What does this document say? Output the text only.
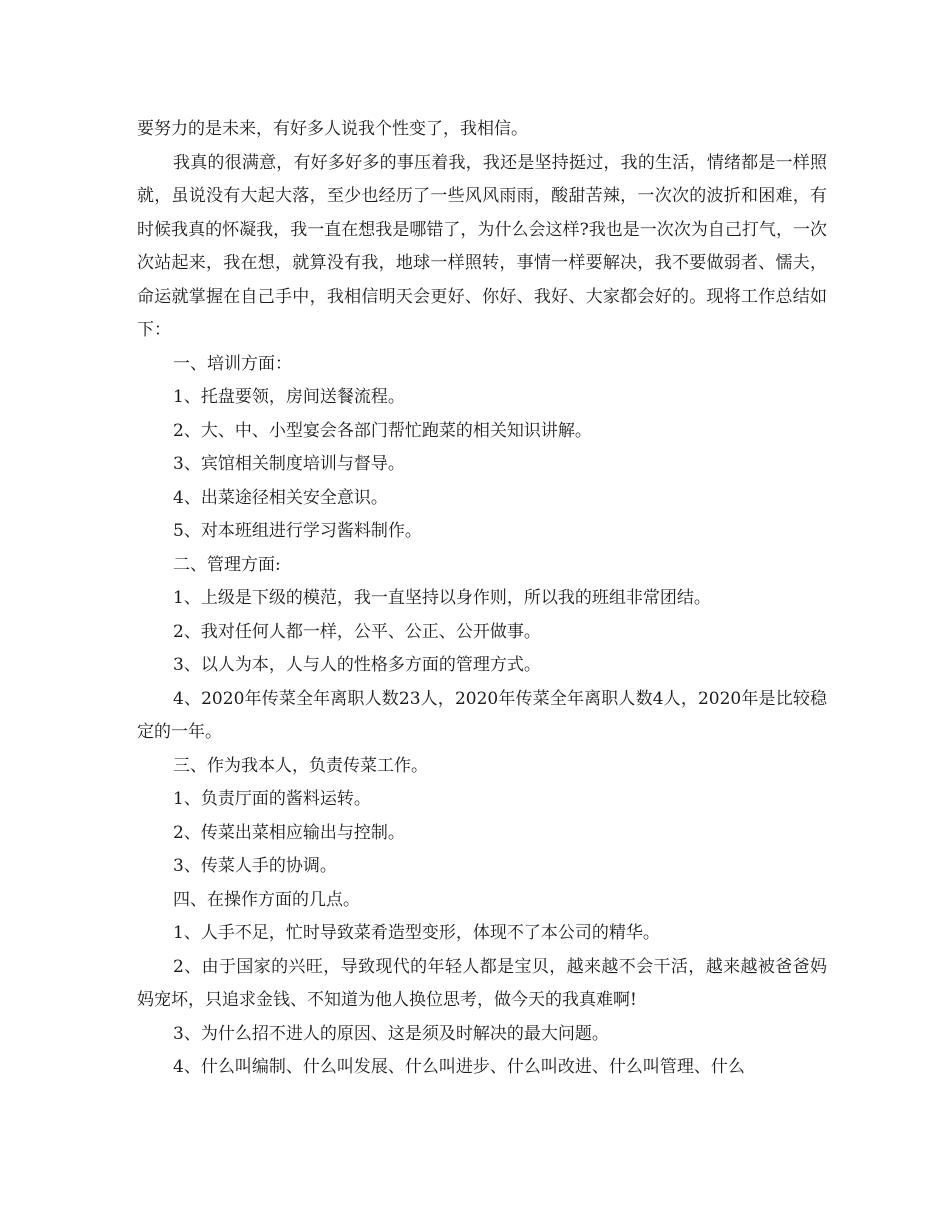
要努力的是未来，有好多人说我个性变了，我相信。

我真的很满意，有好多好多的事压着我，我还是坚持挺过，我的生活，情绪都是一样照就，虽说没有大起大落，至少也经历了一些风风雨雨，酸甜苦辣，一次次的波折和困难，有时候我真的怀凝我，我一直在想我是哪错了，为什么会这样?我也是一次次为自己打气，一次次站起来，我在想，就算没有我，地球一样照转，事情一样要解决，我不要做弱者、懦夫，命运就掌握在自己手中，我相信明天会更好、你好、我好、大家都会好的。现将工作总结如下：

一、培训方面：

1、托盘要领，房间送餐流程。

2、大、中、小型宴会各部门帮忙跑菜的相关知识讲解。

3、宾馆相关制度培训与督导。

4、出菜途径相关安全意识。

5、对本班组进行学习酱料制作。

二、管理方面:

1、上级是下级的模范，我一直坚持以身作则，所以我的班组非常团结。

2、我对任何人都一样，公平、公正、公开做事。

3、以人为本，人与人的性格多方面的管理方式。

4、2020年传菜全年离职人数23人，2020年传菜全年离职人数4人，2020年是比较稳定的一年。

三、作为我本人，负责传菜工作。

1、负责厅面的酱料运转。

2、传菜出菜相应输出与控制。

3、传菜人手的协调。

四、在操作方面的几点。

1、人手不足，忙时导致菜肴造型变形，体现不了本公司的精华。

2、由于国家的兴旺，导致现代的年轻人都是宝贝，越来越不会干活，越来越被爸爸妈妈宠坏，只追求金钱、不知道为他人换位思考，做今天的我真难啊!

3、为什么招不进人的原因、这是须及时解决的最大问题。

4、什么叫编制、什么叫发展、什么叫进步、什么叫改进、什么叫管理、什么
